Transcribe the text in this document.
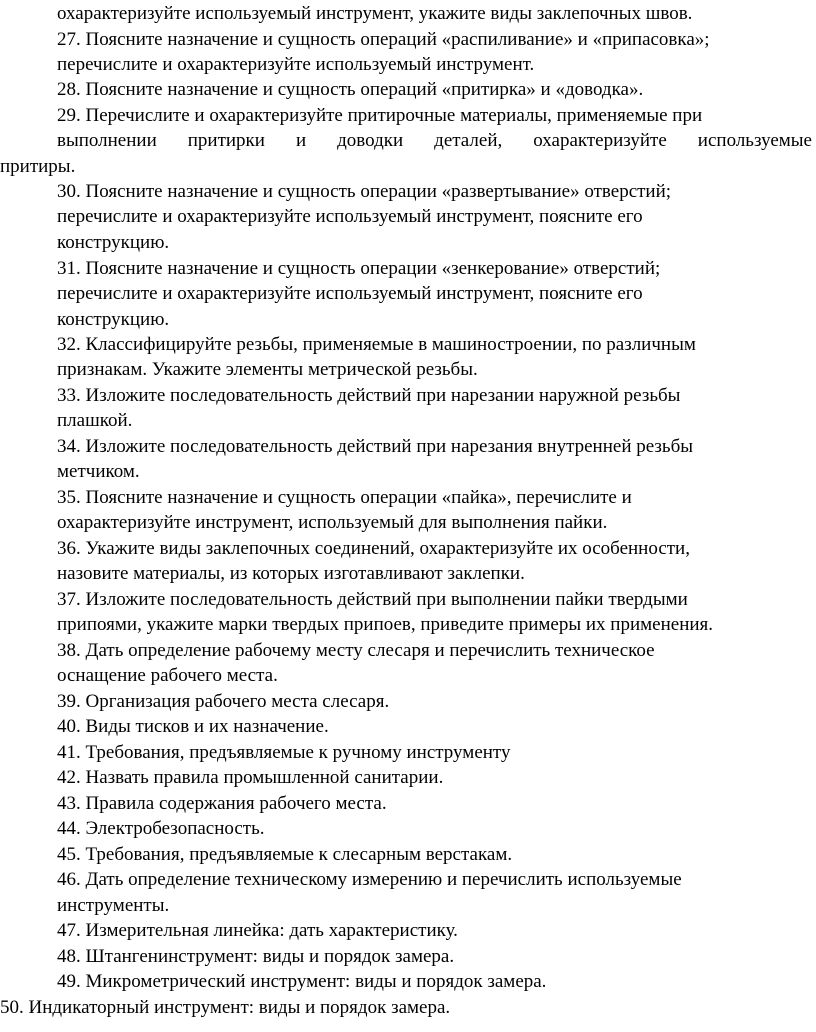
охарактеризуйте используемый инструмент, укажите виды заклепочных швов.
27. Поясните назначение и сущность операций «распиливание» и «припасовка»;
перечислите и охарактеризуйте используемый инструмент.
28. Поясните назначение и сущность операций «притирка» и «доводка».
29. Перечислите и охарактеризуйте притирочные материалы, применяемые при
выполнении притирки и доводки деталей, охарактеризуйте используемые
притиры.
30. Поясните назначение и сущность операции «развертывание» отверстий;
перечислите и охарактеризуйте используемый инструмент, поясните его
конструкцию.
31. Поясните назначение и сущность операции «зенкерование» отверстий;
перечислите и охарактеризуйте используемый инструмент, поясните его
конструкцию.
32. Классифицируйте резьбы, применяемые в машиностроении, по различным
признакам. Укажите элементы метрической резьбы.
33. Изложите последовательность действий при нарезании наружной резьбы
плашкой.
34. Изложите последовательность действий при нарезания внутренней резьбы
метчиком.
35. Поясните назначение и сущность операции «пайка», перечислите и
охарактеризуйте инструмент, используемый для выполнения пайки.
36. Укажите виды заклепочных соединений, охарактеризуйте их особенности,
назовите материалы, из которых изготавливают заклепки.
37. Изложите последовательность действий при выполнении пайки твердыми
припоями, укажите марки твердых припоев, приведите примеры их применения.
38. Дать определение рабочему месту слесаря и перечислить техническое
оснащение рабочего места.
39. Организация рабочего места слесаря.
40. Виды тисков и их назначение.
41. Требования, предъявляемые к ручному инструменту
42. Назвать правила промышленной санитарии.
43. Правила содержания рабочего места.
44. Электробезопасность.
45. Требования, предъявляемые к слесарным верстакам.
46. Дать определение техническому измерению и перечислить используемые
инструменты.
47. Измерительная линейка: дать характеристику.
48. Штангенинструмент: виды и порядок замера.
49. Микрометрический инструмент: виды и порядок замера.
50. Индикаторный инструмент: виды и порядок замера.
